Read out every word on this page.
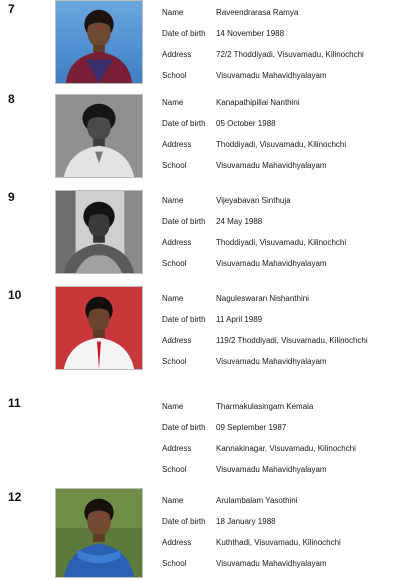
7	Name	Raveendrarasa Ramya
Date of birth 14 November 1988
Address	72/2 Thoddiyadi, Visuvamadu, Kilinochchi
School	Visuvamadu Mahavidhyalayam
8	Name	Kanapathipillai Nanthini
Date of birth 05 October 1988
Address	Thoddiyadi, Visuvamadu, Kilinochchi
School	Visuvamadu Mahavidhyalayam
9	Name	Vijeyabavan Sinthuja
Date of birth 24 May 1988
Address	Thoddiyadi, Visuvamadu, Kilinochchi
School	Visuvamadu Mahavidhyalayam
10	Name	Naguleswaran Nishanthini
Date of birth 11 April 1989
Address	119/2 Thoddiyadi, Visuvamadu, Kilinochchi
School	Visuvamadu Mahavidhyalayam
11	Name	Tharmakulasingam Kemala
Date of birth 09 September 1987
Address	Kannakinagar, Visuvamadu, Kilinochchi
School	Visuvamadu Mahavidhyalayam
12	Name	Arulambalam Yasothini
Date of birth 18 January 1988
Address	Kuththadi, Visuvamadu, Kilinochchi
School	Visuvamadu Mahavidhyalayam
